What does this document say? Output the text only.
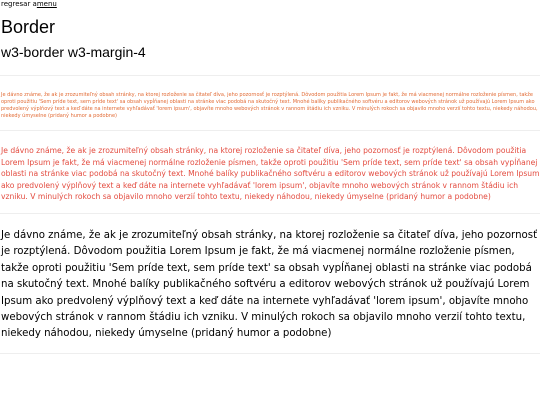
regresar amenu
Border
w3-border w3-margin-4

Je dávno známe, že ak je zrozumiteľný obsah stránky, na ktorej rozloženie sa čitateľ díva, jeho pozornosť je rozptýlená. Dôvodom použitia Lorem Ipsum je fakt, že má viacmenej normálne rozloženie písmen, takže oproti použitiu 'Sem príde text, sem príde text' sa obsah vypĺňanej oblasti na stránke viac podobá na skutočný text. Mnohé balíky publikačného softvéru a editorov webových stránok už používajú Lorem Ipsum ako predvolený výplňový text a keď dáte na internete vyhľadávať 'lorem ipsum', objavíte mnoho webových stránok v rannom štádiu ich vzniku. V minulých rokoch sa objavilo mnoho verzií tohto textu, niekedy náhodou, niekedy úmyselne (pridaný humor a podobne)

Je dávno známe, že ak je zrozumiteľný obsah stránky, na ktorej rozloženie sa čitateľ díva, jeho pozornosť je rozptýlená. Dôvodom použitia Lorem Ipsum je fakt, že má viacmenej normálne rozloženie písmen, takže oproti použitiu 'Sem príde text, sem príde text' sa obsah vypĺňanej oblasti na stránke viac podobá na skutočný text. Mnohé balíky publikačného softvéru a editorov webových stránok už používajú Lorem Ipsum ako predvolený výplňový text a keď dáte na internete vyhľadávať 'lorem ipsum', objavíte mnoho webových stránok v rannom štádiu ich vzniku. V minulých rokoch sa objavilo mnoho verzií tohto textu, niekedy náhodou, niekedy úmyselne (pridaný humor a podobne)

Je dávno známe, že ak je zrozumiteľný obsah stránky, na ktorej rozloženie sa čitateľ díva, jeho pozornosť je rozptýlená. Dôvodom použitia Lorem Ipsum je fakt, že má viacmenej normálne rozloženie písmen, takže oproti použitiu 'Sem príde text, sem príde text' sa obsah vypĺňanej oblasti na stránke viac podobá na skutočný text. Mnohé balíky publikačného softvéru a editorov webových stránok už používajú Lorem Ipsum ako predvolený výplňový text a keď dáte na internete vyhľadávať 'lorem ipsum', objavíte mnoho webových stránok v rannom štádiu ich vzniku. V minulých rokoch sa objavilo mnoho verzií tohto textu, niekedy náhodou, niekedy úmyselne (pridaný humor a podobne)
